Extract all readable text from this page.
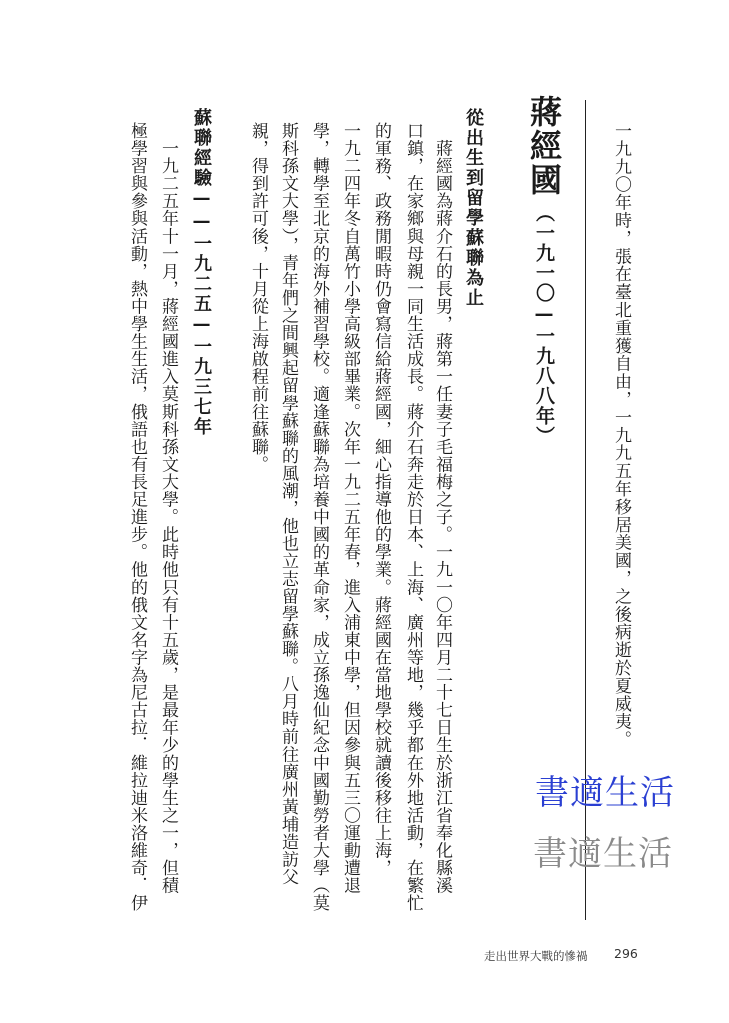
一九九〇年時，張在臺北重獲自由，一九九五年移居美國，之後病逝於夏威夷。
蔣經國
（一九一〇—一九八八年）
從出生到留學蘇聯為止
　蔣經國為蔣介石的長男，蔣第一任妻子毛福梅之子。一九一〇年四月二十七日生於浙江省奉化縣溪
口鎮，在家鄉與母親一同生活成長。蔣介石奔走於日本、上海、廣州等地，幾乎都在外地活動，在繁忙
的軍務、政務閒暇時仍會寫信給蔣經國，細心指導他的學業。蔣經國在當地學校就讀後移往上海，
一九二四年冬自萬竹小學高級部畢業。次年一九二五年春，進入浦東中學，但因參與五三〇運動遭退
學，轉學至北京的海外補習學校。適逢蘇聯為培養中國的革命家，成立孫逸仙紀念中國勤勞者大學（莫
斯科孫文大學），青年們之間興起留學蘇聯的風潮，他也立志留學蘇聯。八月時前往廣州黃埔造訪父
親，得到許可後，十月從上海啟程前往蘇聯。
蘇聯經驗——一九二五—一九三七年
　一九二五年十一月，蔣經國進入莫斯科孫文大學。此時他只有十五歲，是最年少的學生之一，但積
極學習與參與活動，熱中學生生活，俄語也有長足進步。他的俄文名字為尼古拉．維拉迪米洛維奇．伊	書適生活
書適生活
走出世界大戰的慘禍 296
